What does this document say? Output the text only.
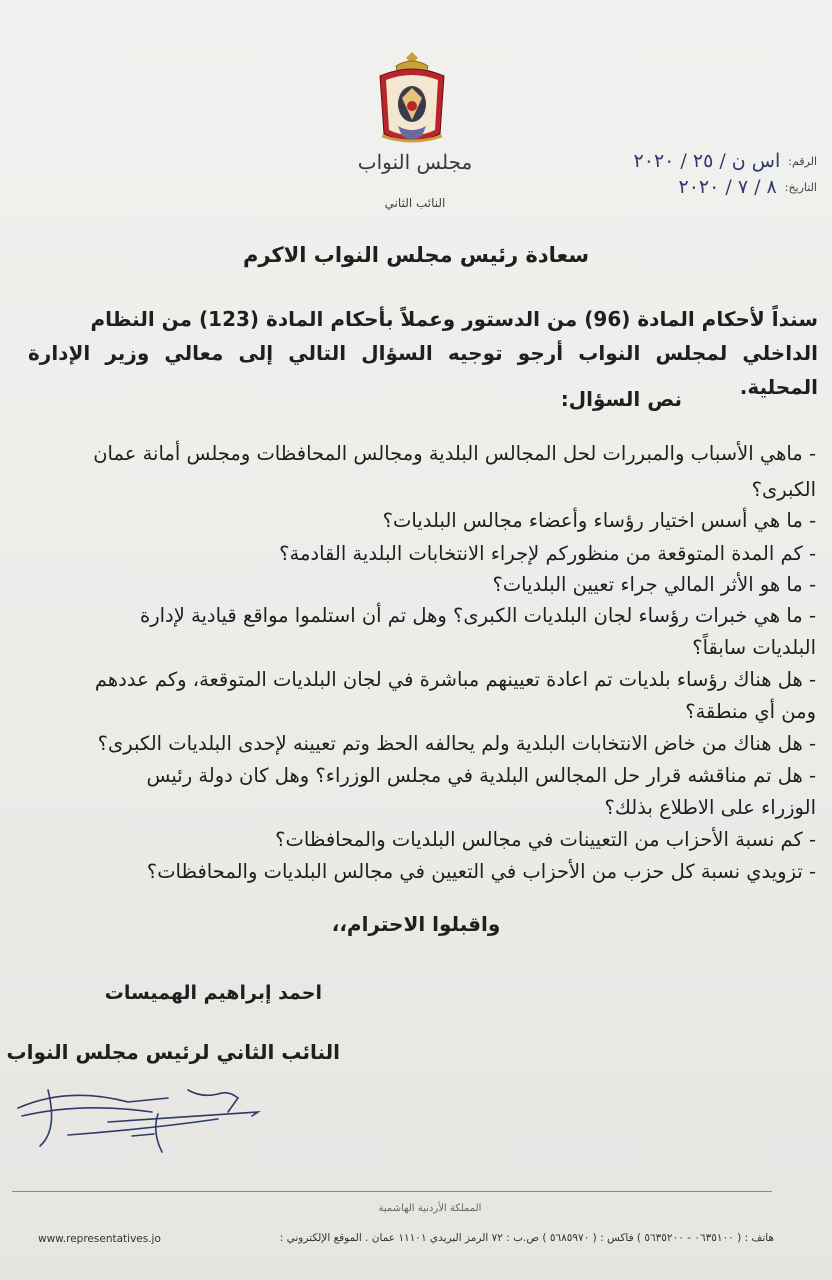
مجلس النواب
النائب الثاني
الرقم:
اس ن / ٢٥ / ٢٠٢٠
التاريخ:
٨ / ٧ / ٢٠٢٠
سعادة رئيس مجلس النواب الاكرم
سنداً لأحكام المادة (96) من الدستور وعملاً بأحكام المادة (123) من النظام
الداخلي لمجلس النواب أرجو توجيه السؤال التالي إلى معالي وزير الإدارة المحلية.
نص السؤال:
- ماهي الأسباب والمبررات لحل المجالس البلدية ومجالس المحافظات ومجلس أمانة عمان
الكبرى؟
- ما هي أسس اختيار رؤساء وأعضاء مجالس البلديات؟
- كم المدة المتوقعة من منظوركم لإجراء الانتخابات البلدية القادمة؟
- ما هو الأثر المالي جراء تعيين البلديات؟
- ما هي خبرات رؤساء لجان البلديات الكبرى؟ وهل تم أن استلموا مواقع قيادية لإدارة
البلديات سابقاً؟
- هل هناك رؤساء بلديات تم اعادة تعيينهم مباشرة في لجان البلديات المتوقعة، وكم عددهم
ومن أي منطقة؟
- هل هناك من خاض الانتخابات البلدية ولم يحالفه الحظ وتم تعيينه لإحدى البلديات الكبرى؟
- هل تم مناقشه قرار حل المجالس البلدية في مجلس الوزراء؟ وهل كان دولة رئيس
الوزراء على الاطلاع بذلك؟
- كم نسبة الأحزاب من التعيينات في مجالس البلديات والمحافظات؟
- تزويدي نسبة كل حزب من الأحزاب في التعيين في مجالس البلديات والمحافظات؟
واقبلوا الاحترام،،
احمد إبراهيم الهميسات
النائب الثاني لرئيس مجلس النواب
المملكة الأردنية الهاشمية
هاتف : ( ٠٦٣٥١٠٠ - ٥٦٣٥٢٠٠ ) فاكس : ( ٥٦٨٥٩٧٠ ) ص.ب : ٧٢ الرمز البريدي ١١١٠١ عمان . الموقع الإلكتروني :
www.representatives.jo
